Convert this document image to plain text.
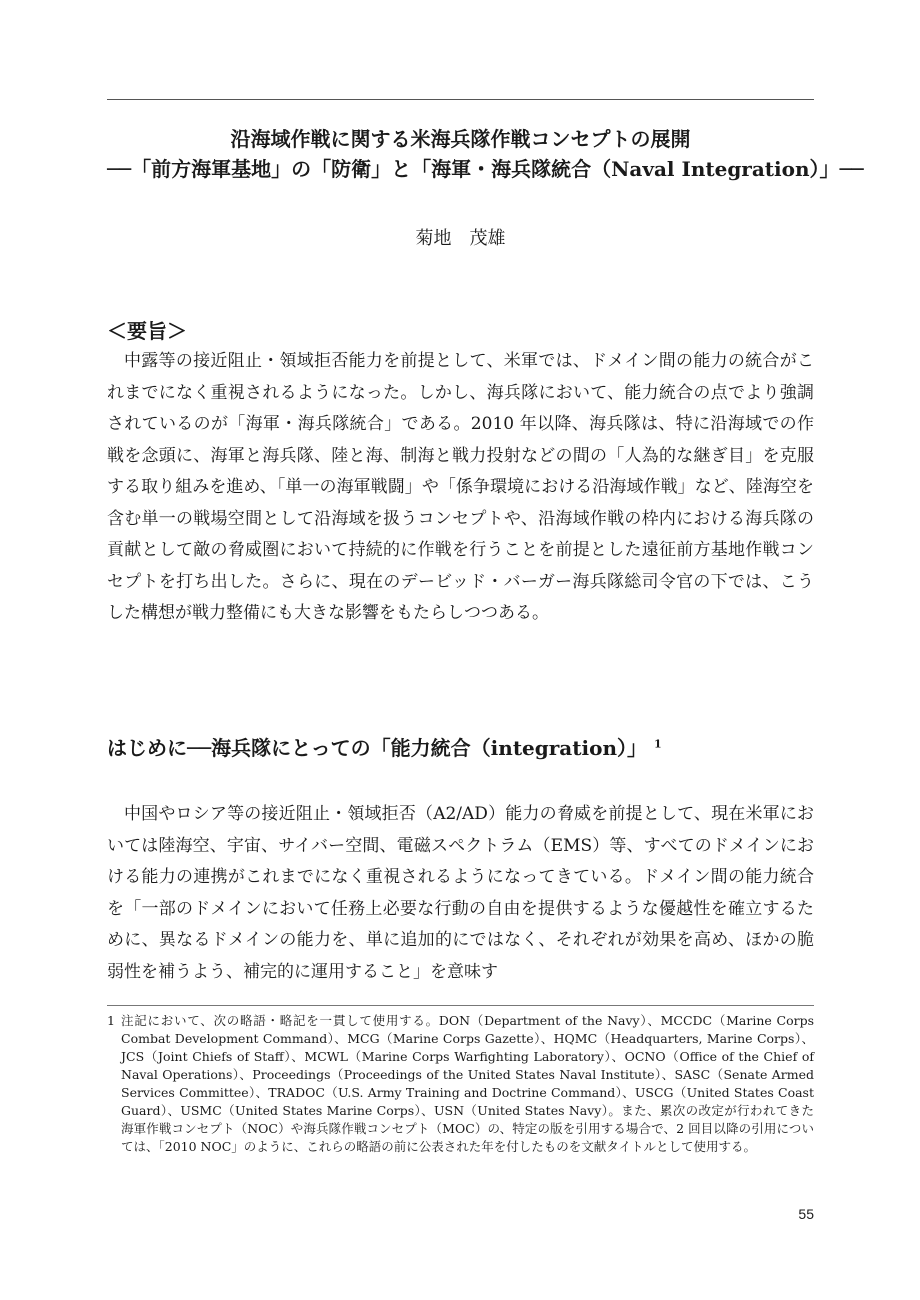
沿海域作戦に関する米海兵隊作戦コンセプトの展開
──「前方海軍基地」の「防衛」と「海軍・海兵隊統合（Naval Integration）」──
菊地　茂雄
＜要旨＞

中露等の接近阻止・領域拒否能力を前提として、米軍では、ドメイン間の能力の統合がこれまでになく重視されるようになった。しかし、海兵隊において、能力統合の点でより強調されているのが「海軍・海兵隊統合」である。2010 年以降、海兵隊は、特に沿海域での作戦を念頭に、海軍と海兵隊、陸と海、制海と戦力投射などの間の「人為的な継ぎ目」を克服する取り組みを進め、「単一の海軍戦闘」や「係争環境における沿海域作戦」など、陸海空を含む単一の戦場空間として沿海域を扱うコンセプトや、沿海域作戦の枠内における海兵隊の貢献として敵の脅威圏において持続的に作戦を行うことを前提とした遠征前方基地作戦コンセプトを打ち出した。さらに、現在のデービッド・バーガー海兵隊総司令官の下では、こうした構想が戦力整備にも大きな影響をもたらしつつある。

はじめに──海兵隊にとっての「能力統合（integration）」 $^1$

中国やロシア等の接近阻止・領域拒否（A2/AD）能力の脅威を前提として、現在米軍においては陸海空、宇宙、サイバー空間、電磁スペクトラム（EMS）等、すべてのドメインにおける能力の連携がこれまでになく重視されるようになってきている。ドメイン間の能力統合を「一部のドメインにおいて任務上必要な行動の自由を提供するような優越性を確立するために、異なるドメインの能力を、単に追加的にではなく、それぞれが効果を高め、ほかの脆弱性を補うよう、補完的に運用すること」を意味す

1 注記において、次の略語・略記を一貫して使用する。DON（Department of the Navy）、MCCDC（Marine Corps Combat Development Command）、MCG（Marine Corps Gazette）、HQMC（Headquarters, Marine Corps）、JCS（Joint Chiefs of Staff）、MCWL（Marine Corps Warfighting Laboratory）、OCNO（Office of the Chief of Naval Operations）、Proceedings（Proceedings of the United States Naval Institute）、SASC（Senate Armed Services Committee）、TRADOC（U.S. Army Training and Doctrine Command）、USCG（United States Coast Guard）、USMC（United States Marine Corps）、USN（United States Navy）。また、累次の改定が行われてきた海軍作戦コンセプト（NOC）や海兵隊作戦コンセプト（MOC）の、特定の版を引用する場合で、2 回目以降の引用については、「2010 NOC」のように、これらの略語の前に公表された年を付したものを文献タイトルとして使用する。
55
